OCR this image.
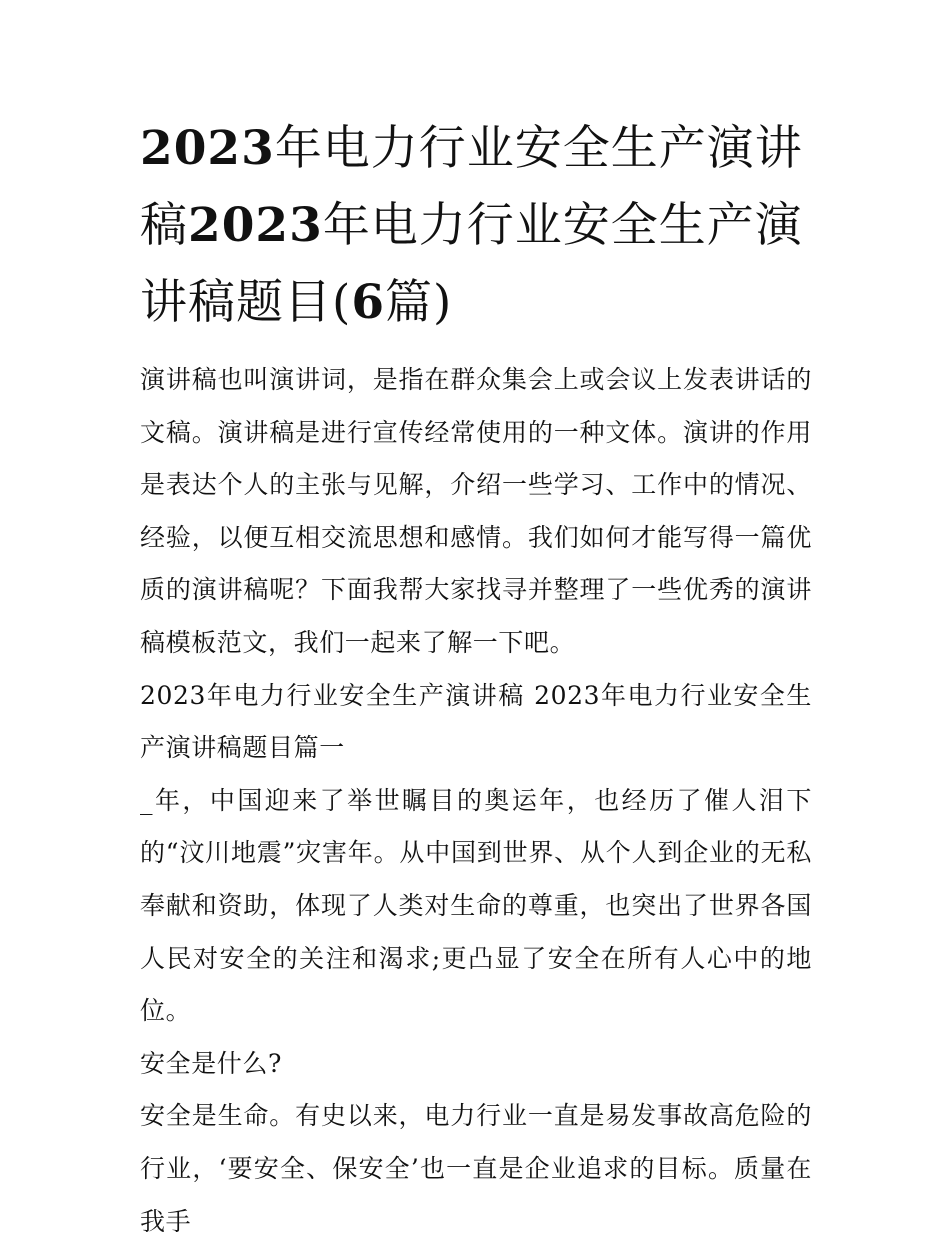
2023年电力行业安全生产演讲稿2023年电力行业安全生产演讲稿题目(6篇)

演讲稿也叫演讲词，是指在群众集会上或会议上发表讲话的文稿。演讲稿是进行宣传经常使用的一种文体。演讲的作用是表达个人的主张与见解，介绍一些学习、工作中的情况、经验，以便互相交流思想和感情。我们如何才能写得一篇优质的演讲稿呢？下面我帮大家找寻并整理了一些优秀的演讲稿模板范文，我们一起来了解一下吧。

2023年电力行业安全生产演讲稿 2023年电力行业安全生产演讲稿题目篇一

_年，中国迎来了举世瞩目的奥运年，也经历了催人泪下的“汶川地震”灾害年。从中国到世界、从个人到企业的无私奉献和资助，体现了人类对生命的尊重，也突出了世界各国人民对安全的关注和渴求;更凸显了安全在所有人心中的地位。

安全是什么?

安全是生命。有史以来，电力行业一直是易发事故高危险的行业，‘要安全、保安全’也一直是企业追求的目标。质量在我手
